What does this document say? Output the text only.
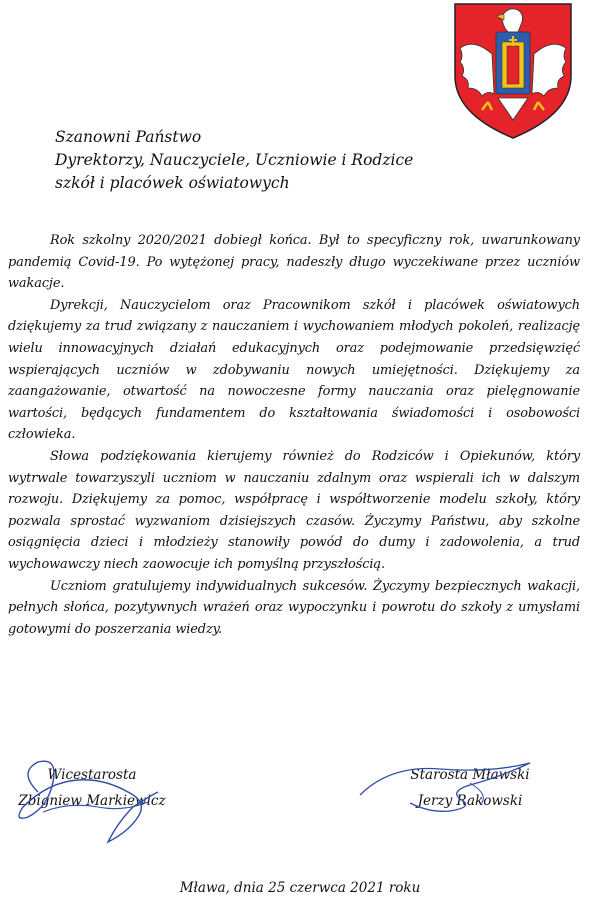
Szanowni Państwo
Dyrektorzy, Nauczyciele, Uczniowie i Rodzice
szkół i placówek oświatowych

Rok szkolny 2020/2021 dobiegł końca. Był to specyficzny rok, uwarunkowany pandemią Covid-19. Po wytężonej pracy, nadeszły długo wyczekiwane przez uczniów wakacje.

Dyrekcji, Nauczycielom oraz Pracownikom szkół i placówek oświatowych dziękujemy za trud związany z nauczaniem i wychowaniem młodych pokoleń, realizację wielu innowacyjnych działań edukacyjnych oraz podejmowanie przedsięwzięć wspierających uczniów w zdobywaniu nowych umiejętności. Dziękujemy za zaangażowanie, otwartość na nowoczesne formy nauczania oraz pielęgnowanie wartości, będących fundamentem do kształtowania świadomości i osobowości człowieka.

Słowa podziękowania kierujemy również do Rodziców i Opiekunów, który wytrwale towarzyszyli uczniom w nauczaniu zdalnym oraz wspierali ich w dalszym rozwoju. Dziękujemy za pomoc, współpracę i współtworzenie modelu szkoły, który pozwala sprostać wyzwaniom dzisiejszych czasów. Życzymy Państwu, aby szkolne osiągnięcia dzieci i młodzieży stanowiły powód do dumy i zadowolenia, a trud wychowawczy niech zaowocuje ich pomyślną przyszłością.

Uczniom gratulujemy indywidualnych sukcesów. Życzymy bezpiecznych wakacji, pełnych słońca, pozytywnych wrażeń oraz wypoczynku i powrotu do szkoły z umysłami gotowymi do poszerzania wiedzy.

Wicestarosta
Zbigniew Markiewicz
Starosta Mławski
Jerzy Rakowski
Mława, dnia 25 czerwca 2021 roku
